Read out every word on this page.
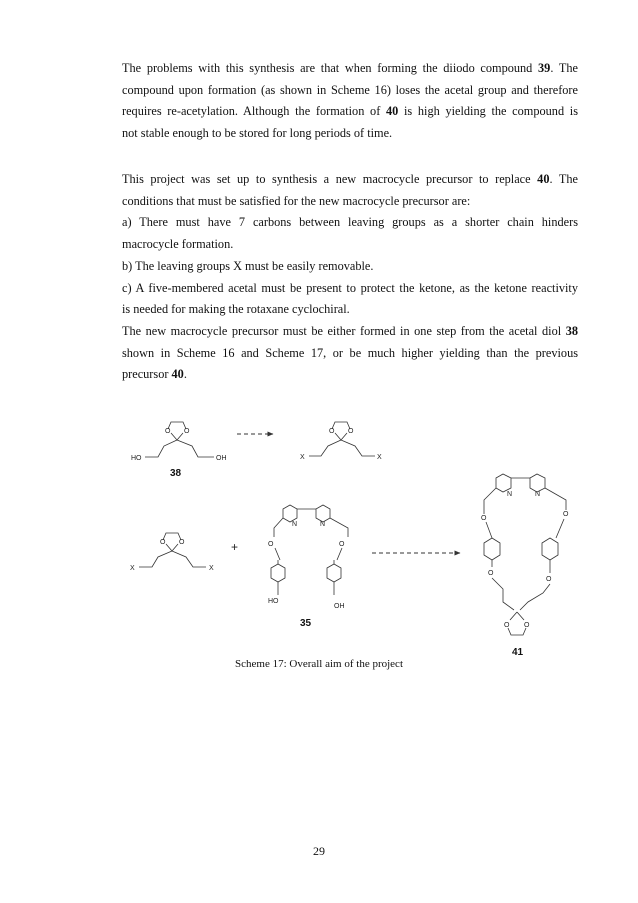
The problems with this synthesis are that when forming the diiodo compound 39. The

compound upon formation (as shown in Scheme 16) loses the acetal group and therefore

requires re-acetylation. Although the formation of 40 is high yielding the compound is

not stable enough to be stored for long periods of time.

This project was set up to synthesis a new macrocycle precursor to replace 40. The

conditions that must be satisfied for the new macrocycle precursor are:

a) There must have 7 carbons between leaving groups as a shorter chain hinders

macrocycle formation.

b) The leaving groups X must be easily removable.

c) A five-membered acetal must be present to protect the ketone, as the ketone reactivity

is needed for making the rotaxane cyclochiral.

The new macrocycle precursor must be either formed in one step from the acetal diol 38

shown in Scheme 16 and Scheme 17, or be much higher yielding than the previous

precursor 40.

O O
HO	OH
38
O O
X	X
O O
X	X
+
N	N
O	O
HO
OH
35
N	N
O
O
O
O
O O
41
Scheme 17: Overall aim of the project
29
